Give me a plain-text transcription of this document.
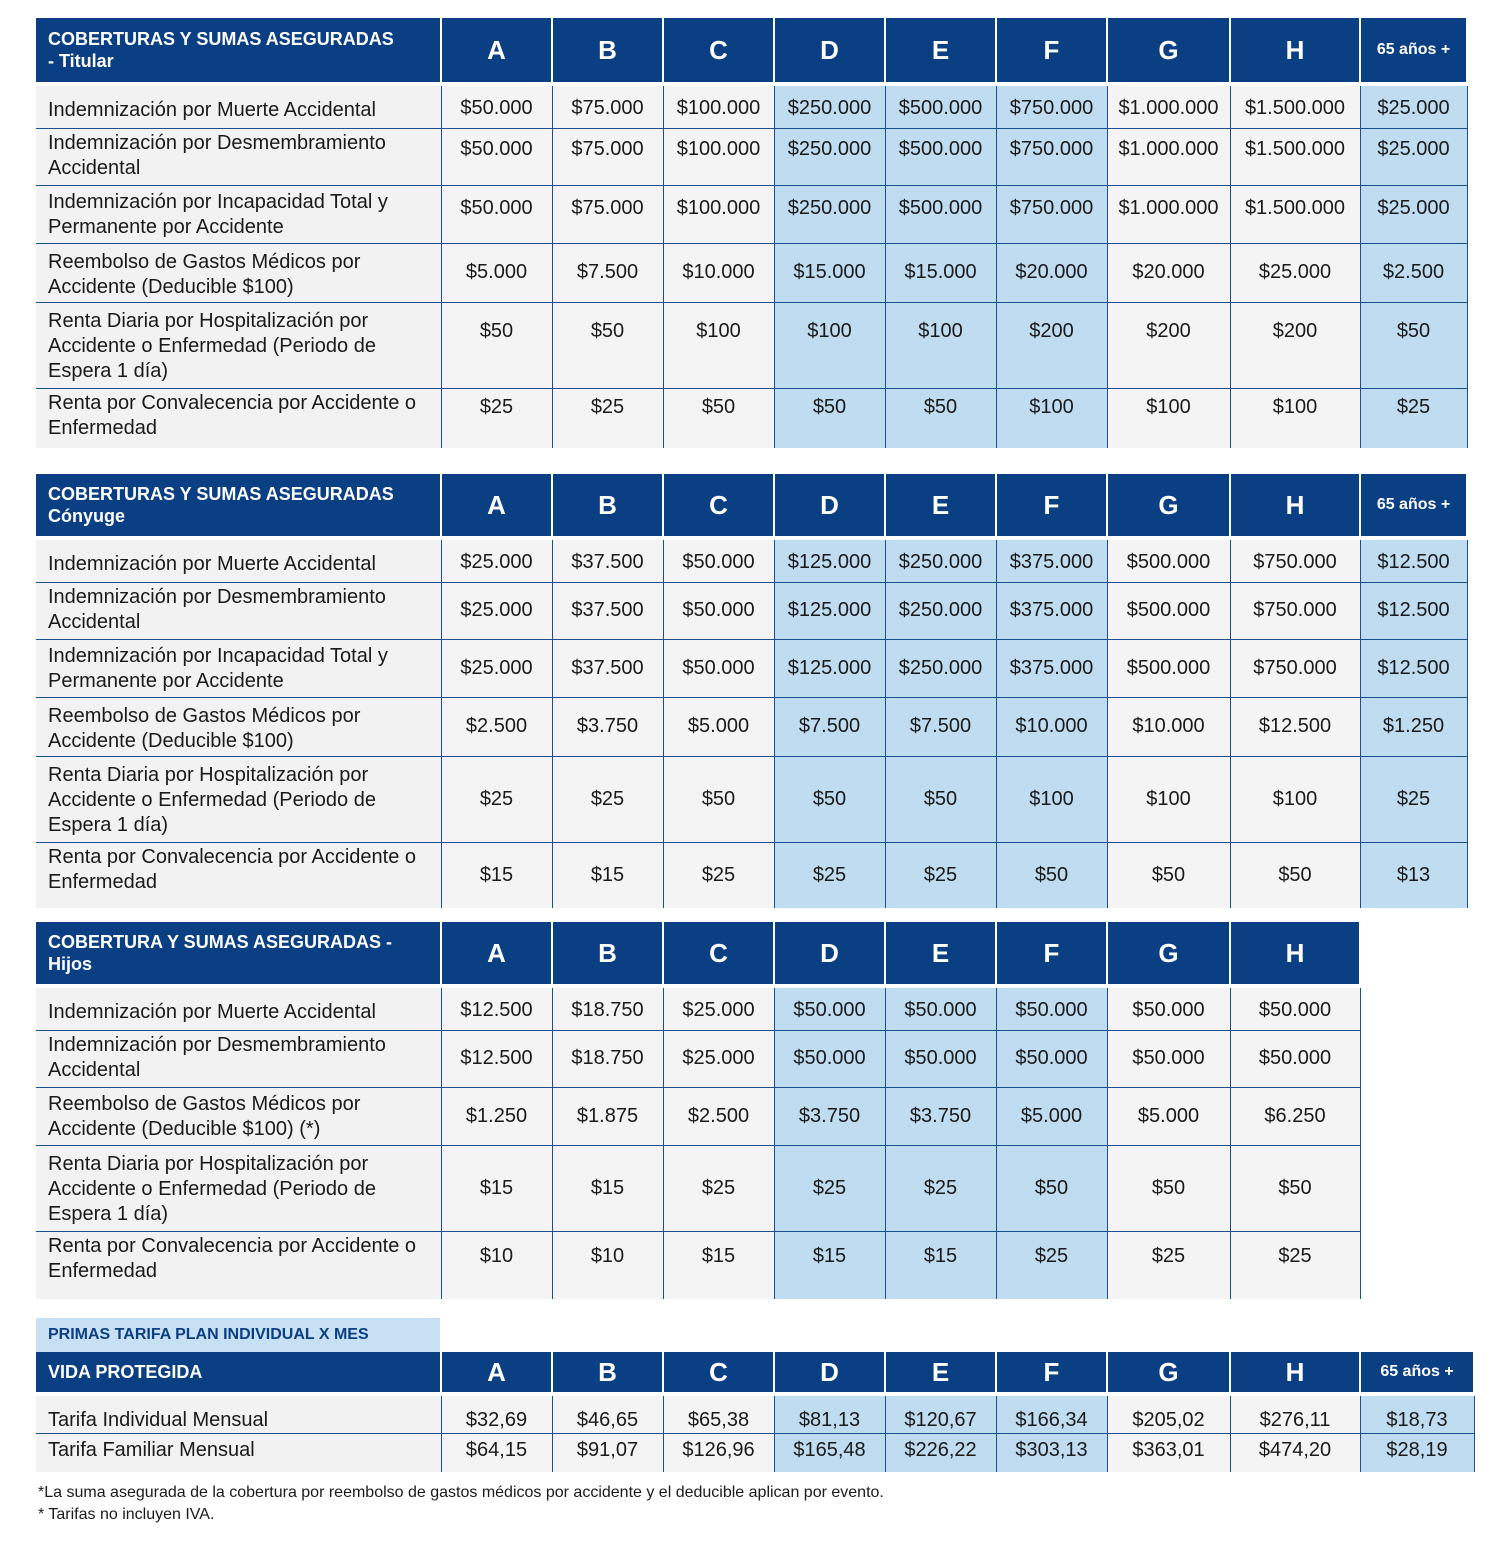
COBERTURAS Y SUMAS ASEGURADAS
- Titular	A	B	C	D	E	F	G	H	65 años +

Indemnización por Muerte Accidental	$50.000	$75.000	$100.000	$250.000	$500.000	$750.000	$1.000.000	$1.500.000	$25.000
Indemnización por Desmembramiento Accidental	$50.000	$75.000	$100.000	$250.000	$500.000	$750.000	$1.000.000	$1.500.000	$25.000
Indemnización por Incapacidad Total y Permanente por Accidente	$50.000	$75.000	$100.000	$250.000	$500.000	$750.000	$1.000.000	$1.500.000	$25.000
Reembolso de Gastos Médicos por Accidente (Deducible $100)	$5.000	$7.500	$10.000	$15.000	$15.000	$20.000	$20.000	$25.000	$2.500
Renta Diaria por Hospitalización por Accidente o Enfermedad (Periodo de Espera 1 día)	$50	$50	$100	$100	$100	$200	$200	$200	$50
Renta por Convalecencia por Accidente o Enfermedad	$25	$25	$50	$50	$50	$100	$100	$100	$25
COBERTURAS Y SUMAS ASEGURADAS
Cónyuge	A	B	C	D	E	F	G	H	65 años +

Indemnización por Muerte Accidental	$25.000	$37.500	$50.000	$125.000	$250.000	$375.000	$500.000	$750.000	$12.500
Indemnización por Desmembramiento Accidental	$25.000	$37.500	$50.000	$125.000	$250.000	$375.000	$500.000	$750.000	$12.500
Indemnización por Incapacidad Total y Permanente por Accidente	$25.000	$37.500	$50.000	$125.000	$250.000	$375.000	$500.000	$750.000	$12.500
Reembolso de Gastos Médicos por Accidente (Deducible $100)	$2.500	$3.750	$5.000	$7.500	$7.500	$10.000	$10.000	$12.500	$1.250
Renta Diaria por Hospitalización por Accidente o Enfermedad (Periodo de Espera 1 día)	$25	$25	$50	$50	$50	$100	$100	$100	$25
Renta por Convalecencia por Accidente o Enfermedad	$15	$15	$25	$25	$25	$50	$50	$50	$13
COBERTURA Y SUMAS ASEGURADAS -
Hijos	A	B	C	D	E	F	G	H

Indemnización por Muerte Accidental	$12.500	$18.750	$25.000	$50.000	$50.000	$50.000	$50.000	$50.000
Indemnización por Desmembramiento Accidental	$12.500	$18.750	$25.000	$50.000	$50.000	$50.000	$50.000	$50.000
Reembolso de Gastos Médicos por Accidente (Deducible $100) (*)	$1.250	$1.875	$2.500	$3.750	$3.750	$5.000	$5.000	$6.250
Renta Diaria por Hospitalización por Accidente o Enfermedad (Periodo de Espera 1 día)	$15	$15	$25	$25	$25	$50	$50	$50
Renta por Convalecencia por Accidente o Enfermedad	$10	$10	$15	$15	$15	$25	$25	$25
PRIMAS TARIFA PLAN INDIVIDUAL X MES
VIDA PROTEGIDA	A	B	C	D	E	F	G	H	65 años +

Tarifa Individual Mensual	$32,69	$46,65	$65,38	$81,13	$120,67	$166,34	$205,02	$276,11	$18,73
Tarifa Familiar Mensual	$64,15	$91,07	$126,96	$165,48	$226,22	$303,13	$363,01	$474,20	$28,19
*La suma asegurada de la cobertura por reembolso de gastos médicos por accidente y el deducible aplican por evento.
* Tarifas no incluyen IVA.
